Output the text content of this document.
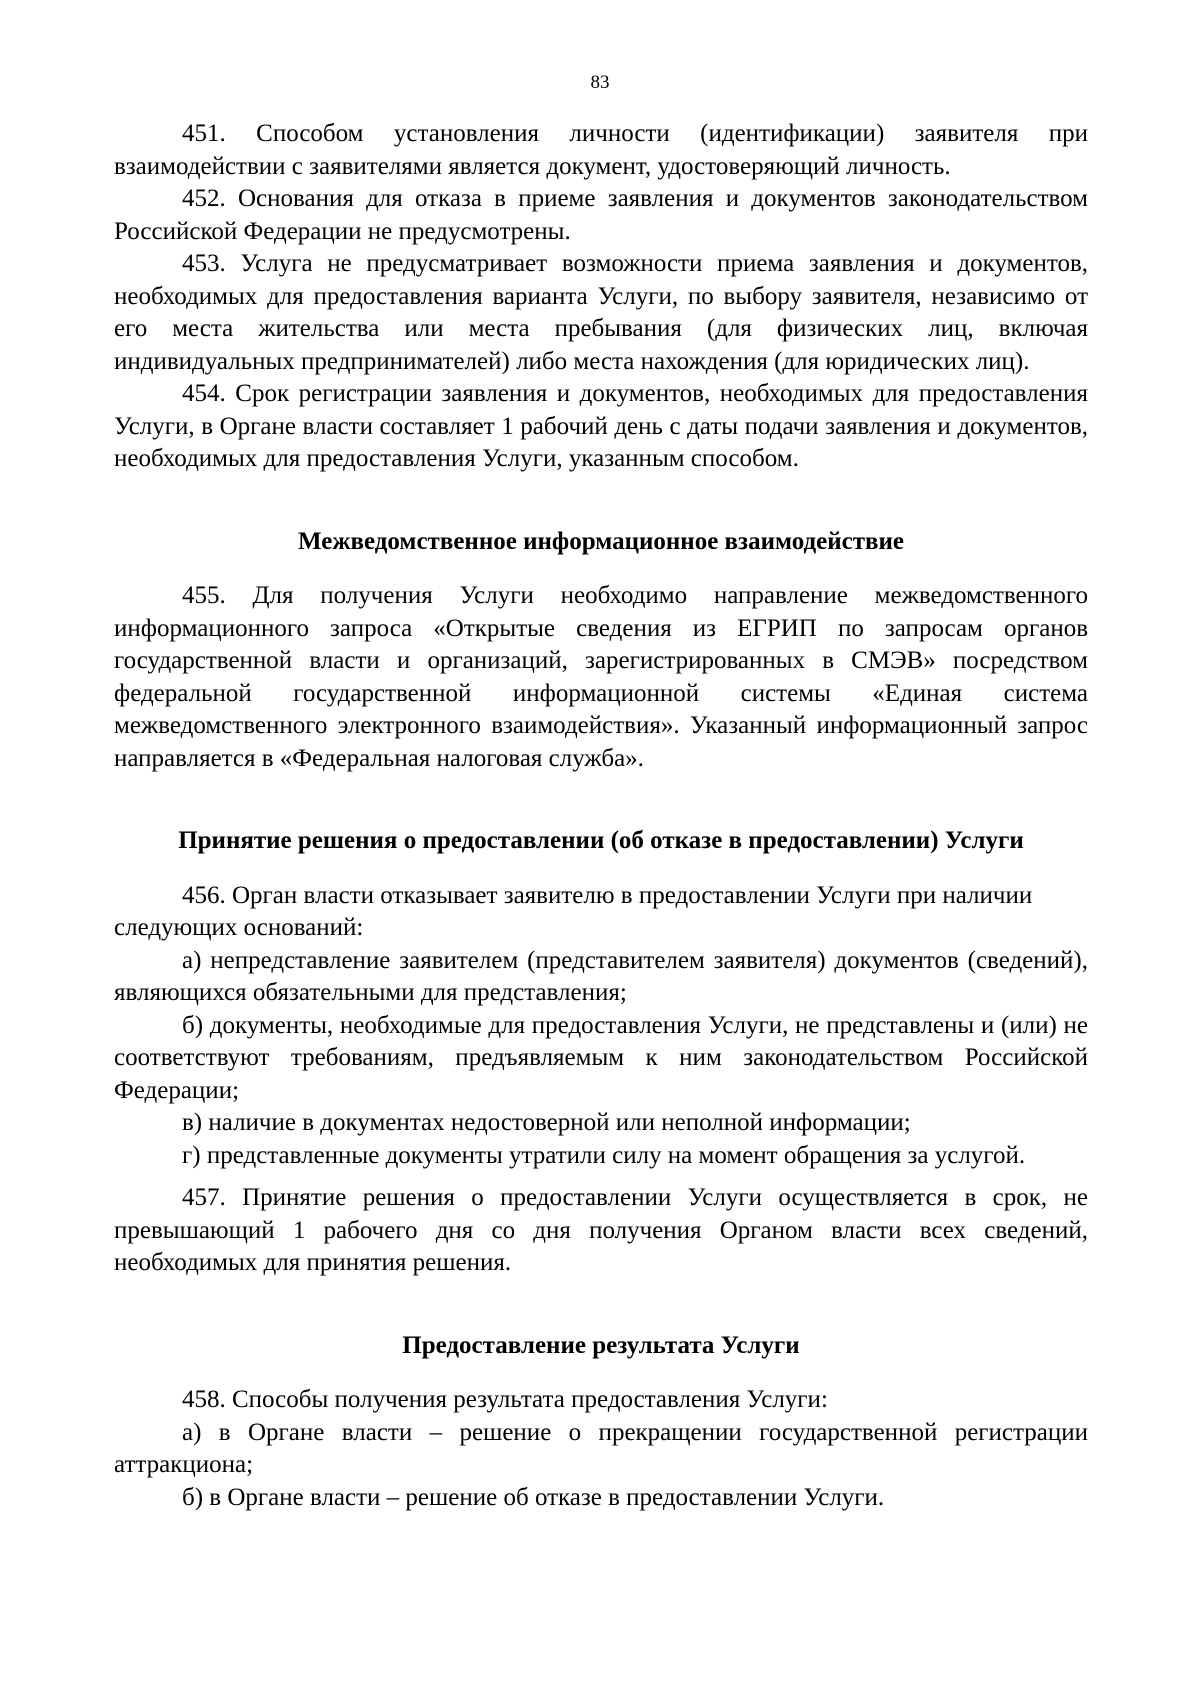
83

451. Способом установления личности (идентификации) заявителя при взаимодействии с заявителями является документ, удостоверяющий личность.

452. Основания для отказа в приеме заявления и документов законодательством Российской Федерации не предусмотрены.

453. Услуга не предусматривает возможности приема заявления и документов, необходимых для предоставления варианта Услуги, по выбору заявителя, независимо от его места жительства или места пребывания (для физических лиц, включая индивидуальных предпринимателей) либо места нахождения (для юридических лиц).

454. Срок регистрации заявления и документов, необходимых для предоставления Услуги, в Органе власти составляет 1 рабочий день с даты подачи заявления и документов, необходимых для предоставления Услуги, указанным способом.

Межведомственное информационное взаимодействие

455. Для получения Услуги необходимо направление межведомственного информационного запроса «Открытые сведения из ЕГРИП по запросам органов государственной власти и организаций, зарегистрированных в СМЭВ» посредством федеральной государственной информационной системы «Единая система межведомственного электронного взаимодействия». Указанный информационный запрос направляется в «Федеральная налоговая служба».

Принятие решения о предоставлении (об отказе в предоставлении) Услуги

456. Орган власти отказывает заявителю в предоставлении Услуги при наличии

следующих оснований:

а) непредставление заявителем (представителем заявителя) документов (сведений), являющихся обязательными для представления;

б) документы, необходимые для предоставления Услуги, не представлены и (или) не соответствуют требованиям, предъявляемым к ним законодательством Российской Федерации;

в) наличие в документах недостоверной или неполной информации;

г) представленные документы утратили силу на момент обращения за услугой.

457. Принятие решения о предоставлении Услуги осуществляется в срок, не превышающий 1 рабочего дня со дня получения Органом власти всех сведений, необходимых для принятия решения.

Предоставление результата Услуги

458. Способы получения результата предоставления Услуги:

а) в Органе власти – решение о прекращении государственной регистрации аттракциона;

б) в Органе власти – решение об отказе в предоставлении Услуги.
